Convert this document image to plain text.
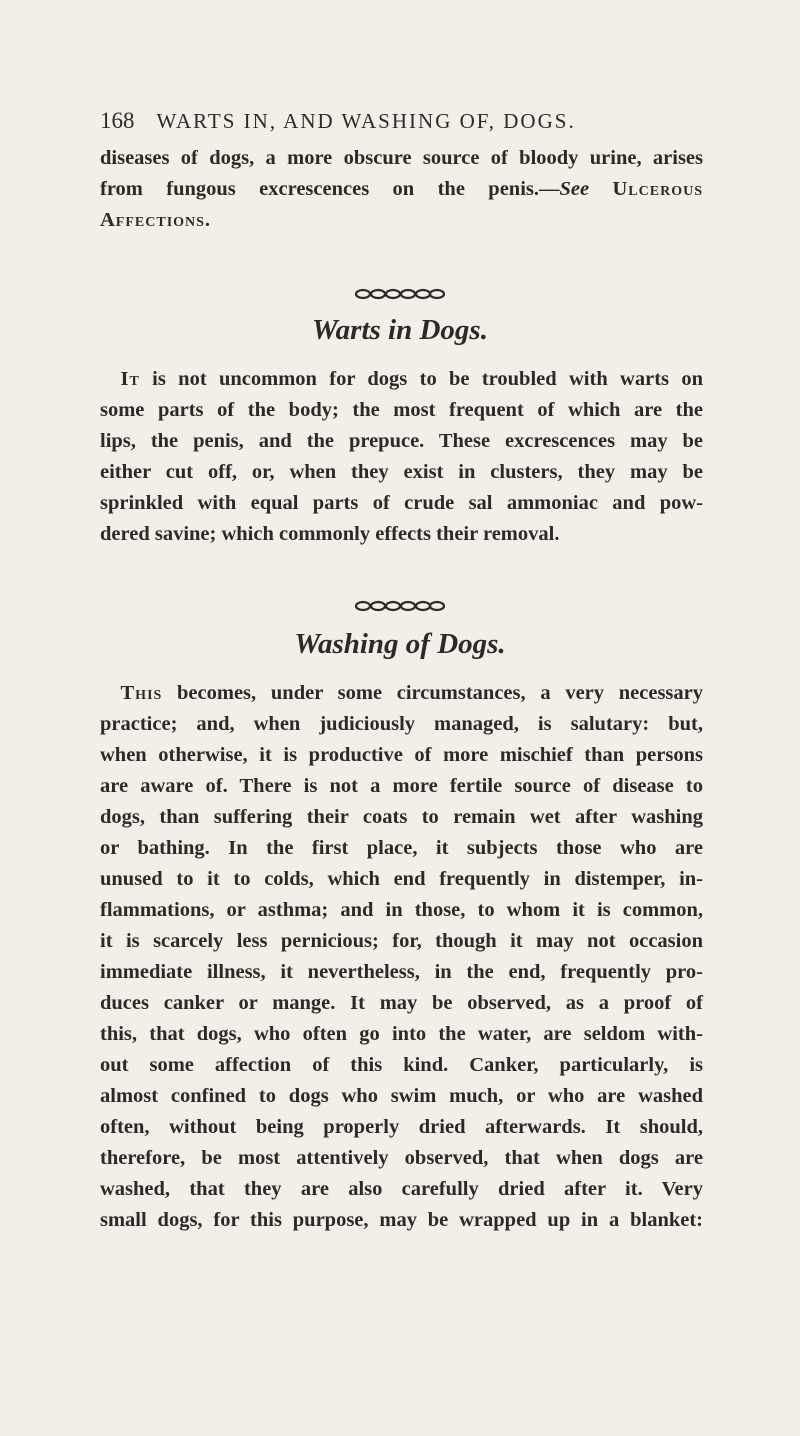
168 WARTS IN, AND WASHING OF, DOGS.
diseases of dogs, a more obscure source of bloody urine, arises
from fungous excrescences on the penis.—See Ulcerous
Affections.
Warts in Dogs.
 It is not uncommon for dogs to be troubled with warts on
some parts of the body; the most frequent of which are the
lips, the penis, and the prepuce. These excrescences may be
either cut off, or, when they exist in clusters, they may be
sprinkled with equal parts of crude sal ammoniac and pow-
dered savine; which commonly effects their removal.
Washing of Dogs.
 This becomes, under some circumstances, a very necessary
practice; and, when judiciously managed, is salutary: but,
when otherwise, it is productive of more mischief than persons
are aware of. There is not a more fertile source of disease to
dogs, than suffering their coats to remain wet after washing
or bathing. In the first place, it subjects those who are
unused to it to colds, which end frequently in distemper, in-
flammations, or asthma; and in those, to whom it is common,
it is scarcely less pernicious; for, though it may not occasion
immediate illness, it nevertheless, in the end, frequently pro-
duces canker or mange. It may be observed, as a proof of
this, that dogs, who often go into the water, are seldom with-
out some affection of this kind. Canker, particularly, is
almost confined to dogs who swim much, or who are washed
often, without being properly dried afterwards. It should,
therefore, be most attentively observed, that when dogs are
washed, that they are also carefully dried after it. Very
small dogs, for this purpose, may be wrapped up in a blanket:
